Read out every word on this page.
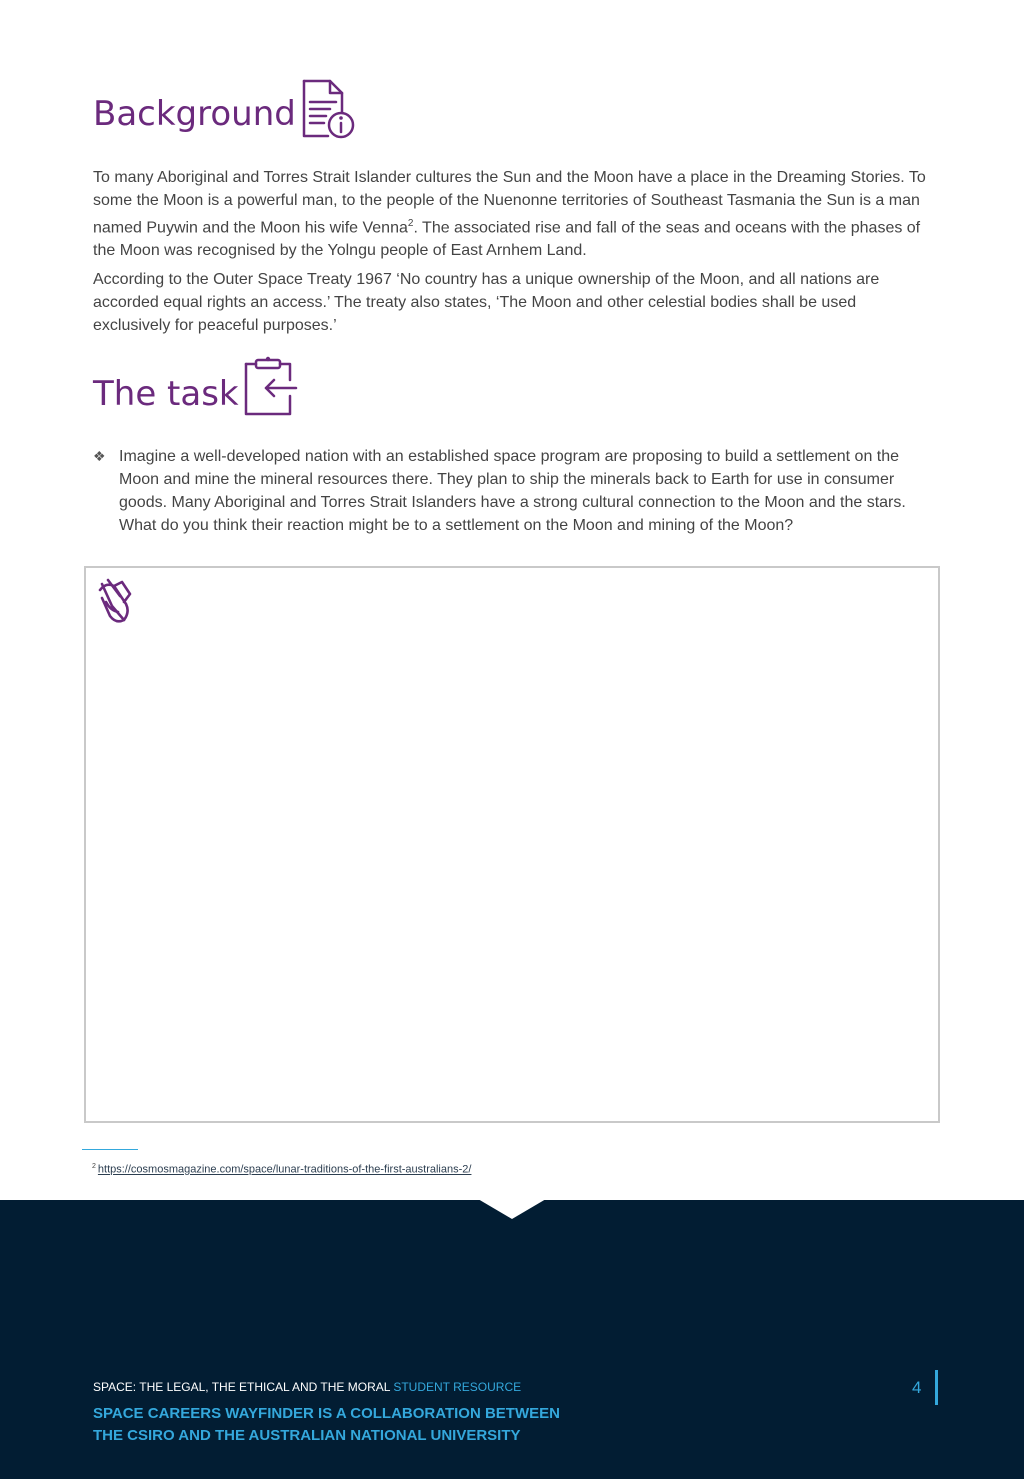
Background

To many Aboriginal and Torres Strait Islander cultures the Sun and the Moon have a place in the Dreaming Stories. To some the Moon is a powerful man, to the people of the Nuenonne territories of Southeast Tasmania the Sun is a man named Puywin and the Moon his wife Venna$^2$. The associated rise and fall of the seas and oceans with the phases of the Moon was recognised by the Yolngu people of East Arnhem Land.

According to the Outer Space Treaty 1967 ‘No country has a unique ownership of the Moon, and all nations are accorded equal rights an access.’ The treaty also states, ‘The Moon and other celestial bodies shall be used exclusively for peaceful purposes.’

The task
❖ Imagine a well-developed nation with an established space program are proposing to build a settlement on the Moon and mine the mineral resources there. They plan to ship the minerals back to Earth for use in consumer goods. Many Aboriginal and Torres Strait Islanders have a strong cultural connection to the Moon and the stars. What do you think their reaction might be to a settlement on the Moon and mining of the Moon?

$^2$ https://cosmosmagazine.com/space/lunar-traditions-of-the-first-australians-2/
SPACE: THE LEGAL, THE ETHICAL AND THE MORAL STUDENT RESOURCE

SPACE CAREERS WAYFINDER IS A COLLABORATION BETWEEN
THE CSIRO AND THE AUSTRALIAN NATIONAL UNIVERSITY

4
